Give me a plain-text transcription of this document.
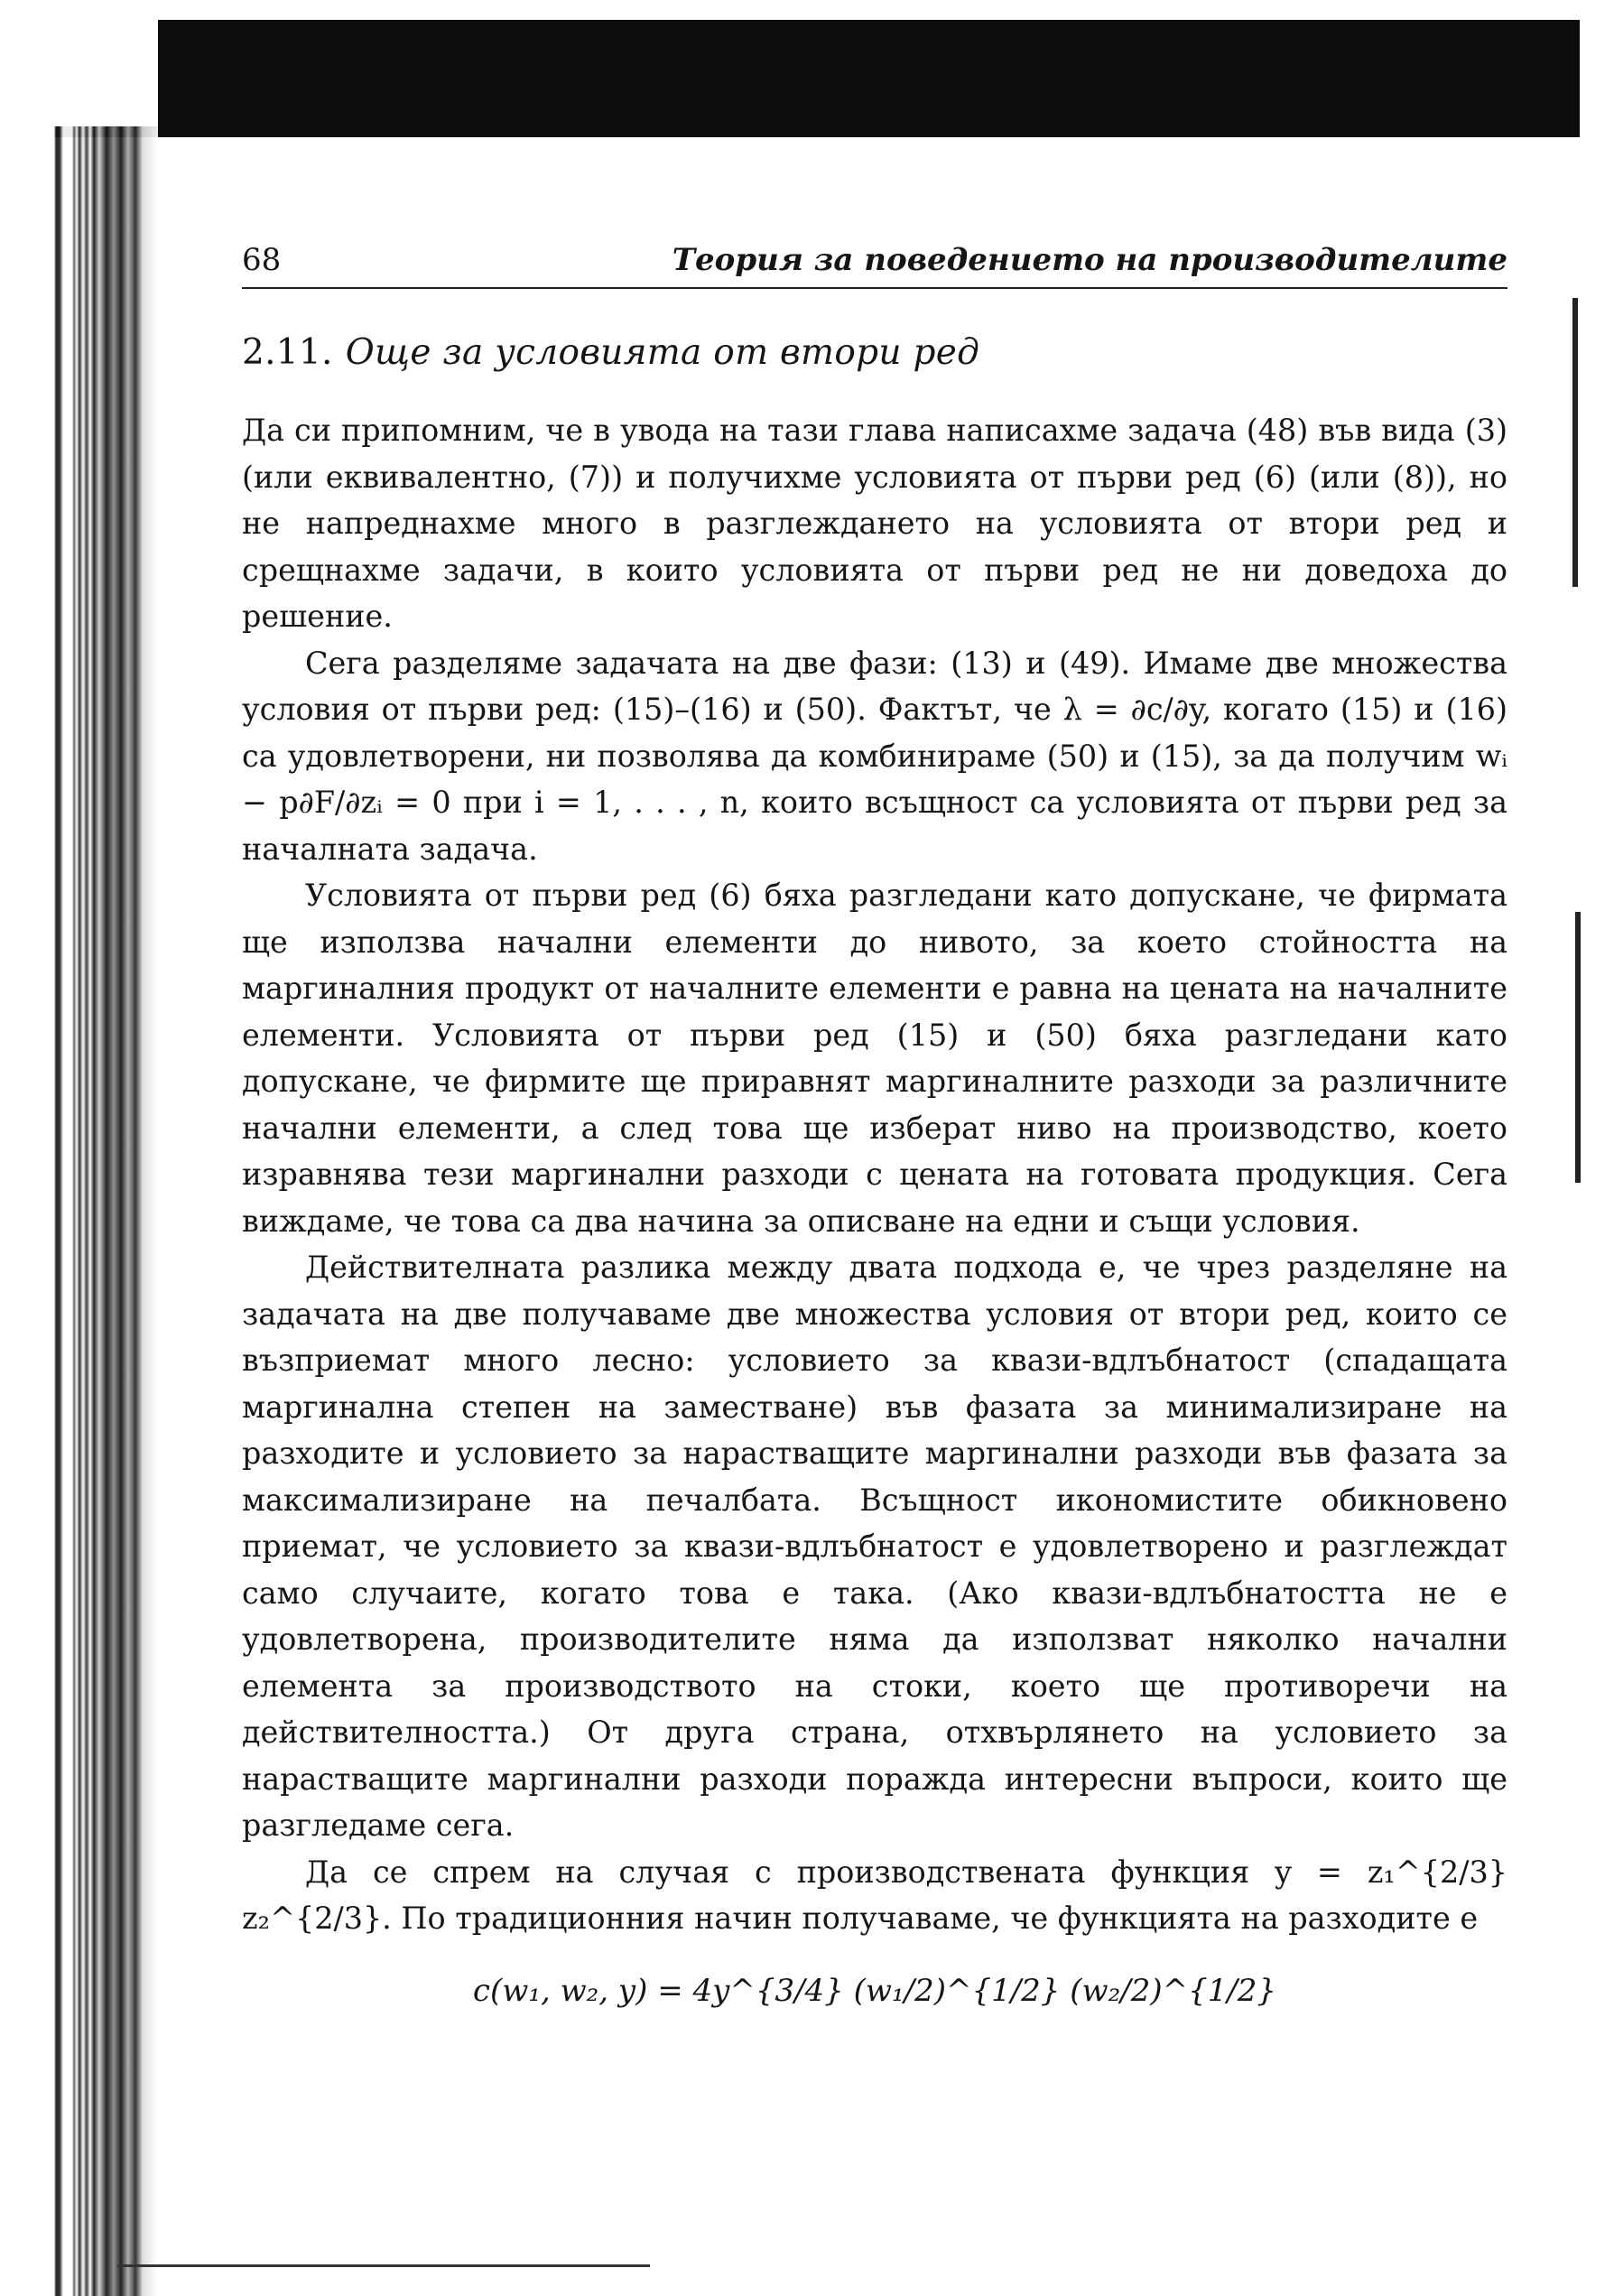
68	Теория за поведението на производителите
2.11. Още за условията от втори ред

Да си припомним, че в увода на тази глава написахме задача (48) във вида (3) (или еквивалентно, (7)) и получихме условията от първи ред (6) (или (8)), но не напреднахме много в разглеждането на условията от втори ред и срещнахме задачи, в които условията от първи ред не ни доведоха до решение.

Сега разделяме задачата на две фази: (13) и (49). Имаме две множества условия от първи ред: (15)–(16) и (50). Фактът, че λ = ∂c/∂y, когато (15) и (16) са удовлетворени, ни позволява да комбинираме (50) и (15), за да получим wᵢ − p∂F/∂zᵢ = 0 при i = 1, . . . , n, които всъщност са условията от първи ред за началната задача.

Условията от първи ред (6) бяха разгледани като допускане, че фирмата ще използва начални елементи до нивото, за което стойността на маргиналния продукт от началните елементи е равна на цената на началните елементи. Условията от първи ред (15) и (50) бяха разгледани като допускане, че фирмите ще приравнят маргиналните разходи за различните начални елементи, а след това ще изберат ниво на производство, което изравнява тези маргинални разходи с цената на готовата продукция. Сега виждаме, че това са два начина за описване на едни и същи условия.

Действителната разлика между двата подхода е, че чрез разделяне на задачата на две получаваме две множества условия от втори ред, които се възприемат много лесно: условието за квази-вдлъбнатост (спадащата маргинална степен на заместване) във фазата за минимализиране на разходите и условието за нарастващите маргинални разходи във фазата за максимализиране на печалбата. Всъщност икономистите обикновено приемат, че условието за квази-вдлъбнатост е удовлетворено и разглеждат само случаите, когато това е така. (Ако квази-вдлъбнатостта не е удовлетворена, производителите няма да използват няколко начални елемента за производството на стоки, което ще противоречи на действителността.) От друга страна, отхвърлянето на условието за нарастващите маргинални разходи поражда интересни въпроси, които ще разгледаме сега.

Да се спрем на случая с производствената функция y = z₁^{2/3} z₂^{2/3}. По традиционния начин получаваме, че функцията на разходите е

c(w₁, w₂, y) = 4y^{3/4} (w₁/2)^{1/2} (w₂/2)^{1/2}
